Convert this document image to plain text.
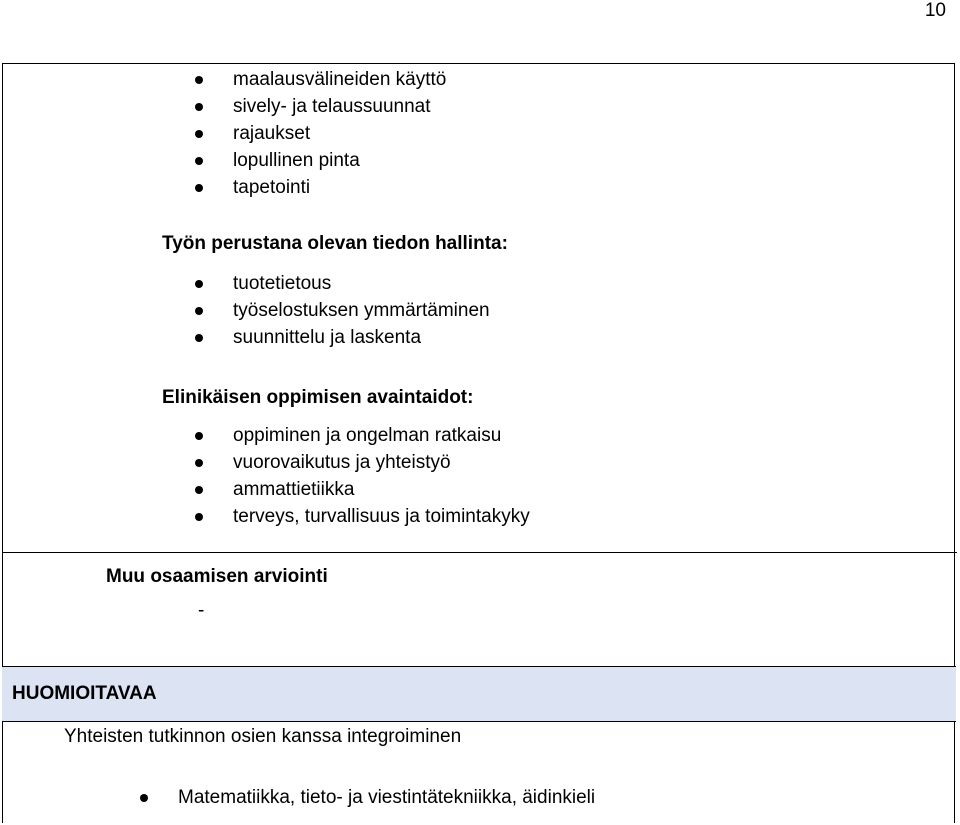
10
maalausvälineiden käyttö
sively- ja telaussuunnat
rajaukset
lopullinen pinta
tapetointi
Työn perustana olevan tiedon hallinta:
tuotetietous
työselostuksen ymmärtäminen
suunnittelu ja laskenta
Elinikäisen oppimisen avaintaidot:
oppiminen ja ongelman ratkaisu
vuorovaikutus ja yhteistyö
ammattietiikka
terveys, turvallisuus ja toimintakyky
Muu osaamisen arviointi
-
HUOMIOITAVAA
Yhteisten tutkinnon osien kanssa integroiminen
Matematiikka, tieto- ja viestintätekniikka, äidinkieli
